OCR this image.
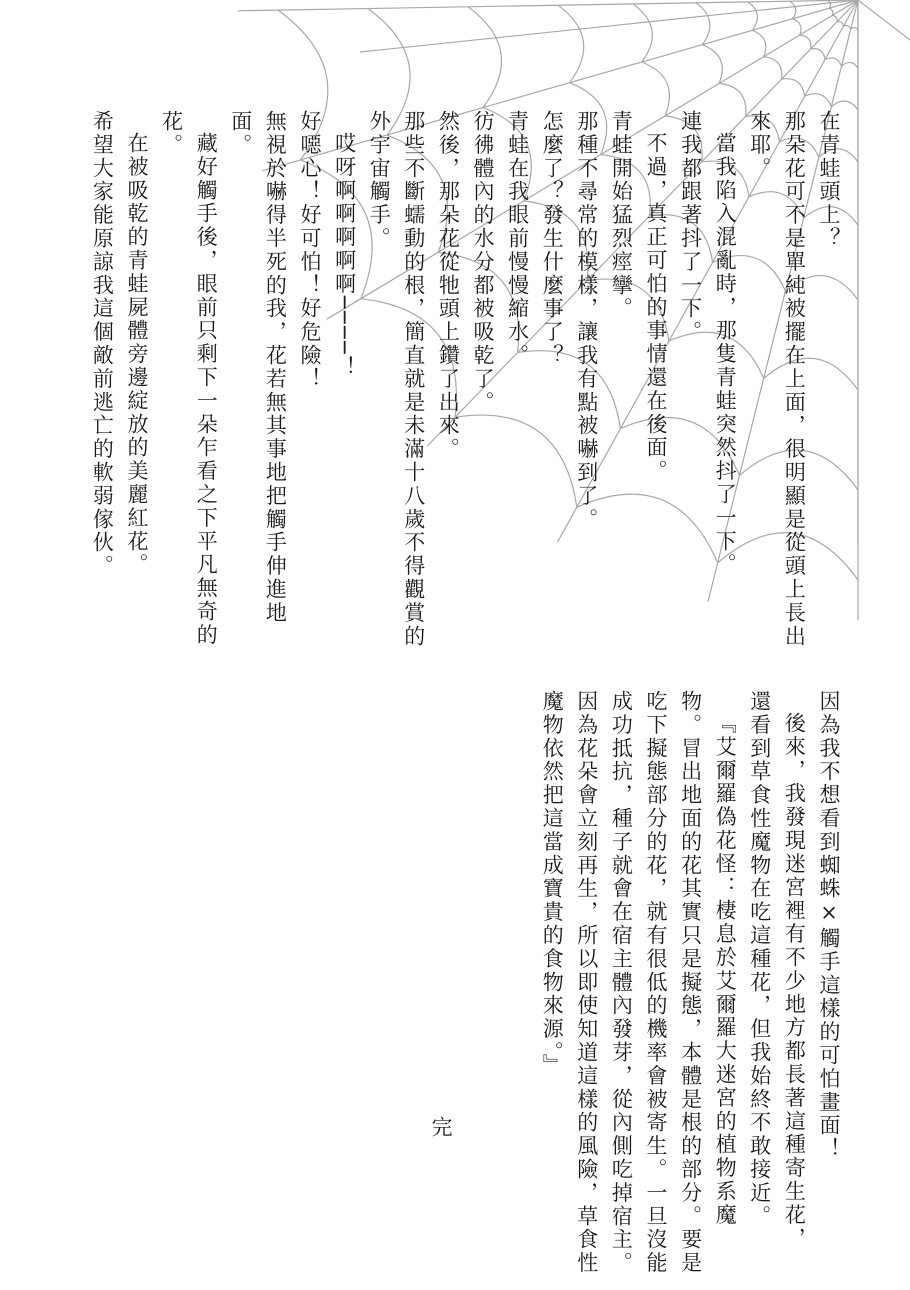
在青蛙頭上？
那朵花可不是單純被擺在上面，很明顯是從頭上長出
來耶。
當我陷入混亂時，那隻青蛙突然抖了一下。
連我都跟著抖了一下。
不過，真正可怕的事情還在後面。
青蛙開始猛烈痙攣。
那種不尋常的模樣，讓我有點被嚇到了。
怎麼了？發生什麼事了？
青蛙在我眼前慢慢縮水。
彷彿體內的水分都被吸乾了。
然後，那朵花從牠頭上鑽了出來。
那些不斷蠕動的根，簡直就是未滿十八歲不得觀賞的
外宇宙觸手。
哎呀啊啊啊啊啊────！
好噁心！好可怕！好危險！
無視於嚇得半死的我，花若無其事地把觸手伸進地
面。
藏好觸手後，眼前只剩下一朵乍看之下平凡無奇的
花。
在被吸乾的青蛙屍體旁邊綻放的美麗紅花。
希望大家能原諒我這個敵前逃亡的軟弱傢伙。
因為我不想看到蜘蛛×觸手這樣的可怕畫面！
後來，我發現迷宮裡有不少地方都長著這種寄生花，
還看到草食性魔物在吃這種花，但我始終不敢接近。
『艾爾羅偽花怪：棲息於艾爾羅大迷宮的植物系魔
物。冒出地面的花其實只是擬態，本體是根的部分。要是
吃下擬態部分的花，就有很低的機率會被寄生。一旦沒能
成功抵抗，種子就會在宿主體內發芽，從內側吃掉宿主。
因為花朵會立刻再生，所以即使知道這樣的風險，草食性
魔物依然把這當成寶貴的食物來源。』
完
